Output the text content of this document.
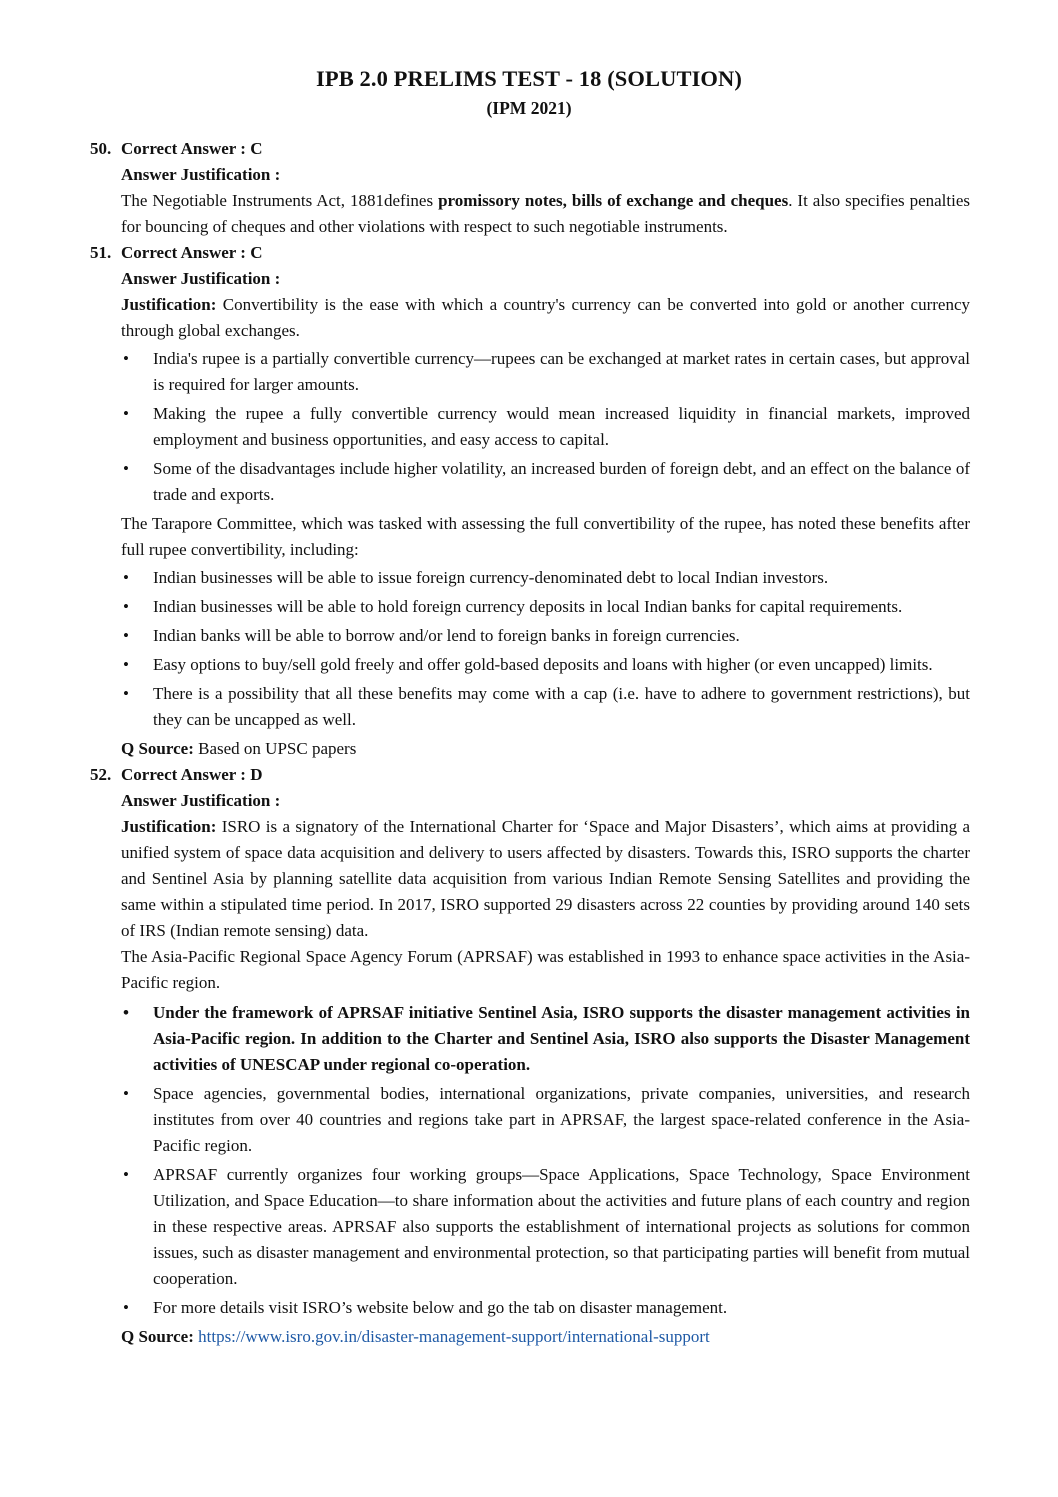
IPB 2.0 PRELIMS TEST - 18 (SOLUTION)
(IPM 2021)
50. Correct Answer : C
Answer Justification :
The Negotiable Instruments Act, 1881defines promissory notes, bills of exchange and cheques. It also specifies penalties for bouncing of cheques and other violations with respect to such negotiable instruments.
51. Correct Answer : C
Answer Justification :
Justification: Convertibility is the ease with which a country's currency can be converted into gold or another currency through global exchanges.
• India's rupee is a partially convertible currency—rupees can be exchanged at market rates in certain cases, but approval is required for larger amounts.
• Making the rupee a fully convertible currency would mean increased liquidity in financial markets, improved employment and business opportunities, and easy access to capital.
• Some of the disadvantages include higher volatility, an increased burden of foreign debt, and an effect on the balance of trade and exports.
The Tarapore Committee, which was tasked with assessing the full convertibility of the rupee, has noted these benefits after full rupee convertibility, including:
• Indian businesses will be able to issue foreign currency-denominated debt to local Indian investors.
• Indian businesses will be able to hold foreign currency deposits in local Indian banks for capital requirements.
• Indian banks will be able to borrow and/or lend to foreign banks in foreign currencies.
• Easy options to buy/sell gold freely and offer gold-based deposits and loans with higher (or even uncapped) limits.
• There is a possibility that all these benefits may come with a cap (i.e. have to adhere to government restrictions), but they can be uncapped as well.
Q Source: Based on UPSC papers
52. Correct Answer : D
Answer Justification :
Justification: ISRO is a signatory of the International Charter for ‘Space and Major Disasters’, which aims at providing a unified system of space data acquisition and delivery to users affected by disasters. Towards this, ISRO supports the charter and Sentinel Asia by planning satellite data acquisition from various Indian Remote Sensing Satellites and providing the same within a stipulated time period. In 2017, ISRO supported 29 disasters across 22 counties by providing around 140 sets of IRS (Indian remote sensing) data.
The Asia-Pacific Regional Space Agency Forum (APRSAF) was established in 1993 to enhance space activities in the Asia-Pacific region.
• Under the framework of APRSAF initiative Sentinel Asia, ISRO supports the disaster management activities in Asia-Pacific region. In addition to the Charter and Sentinel Asia, ISRO also supports the Disaster Management activities of UNESCAP under regional co-operation.
• Space agencies, governmental bodies, international organizations, private companies, universities, and research institutes from over 40 countries and regions take part in APRSAF, the largest space-related conference in the Asia-Pacific region.
• APRSAF currently organizes four working groups—Space Applications, Space Technology, Space Environment Utilization, and Space Education—to share information about the activities and future plans of each country and region in these respective areas. APRSAF also supports the establishment of international projects as solutions for common issues, such as disaster management and environmental protection, so that participating parties will benefit from mutual cooperation.
• For more details visit ISRO’s website below and go the tab on disaster management.
Q Source: https://www.isro.gov.in/disaster-management-support/international-support
